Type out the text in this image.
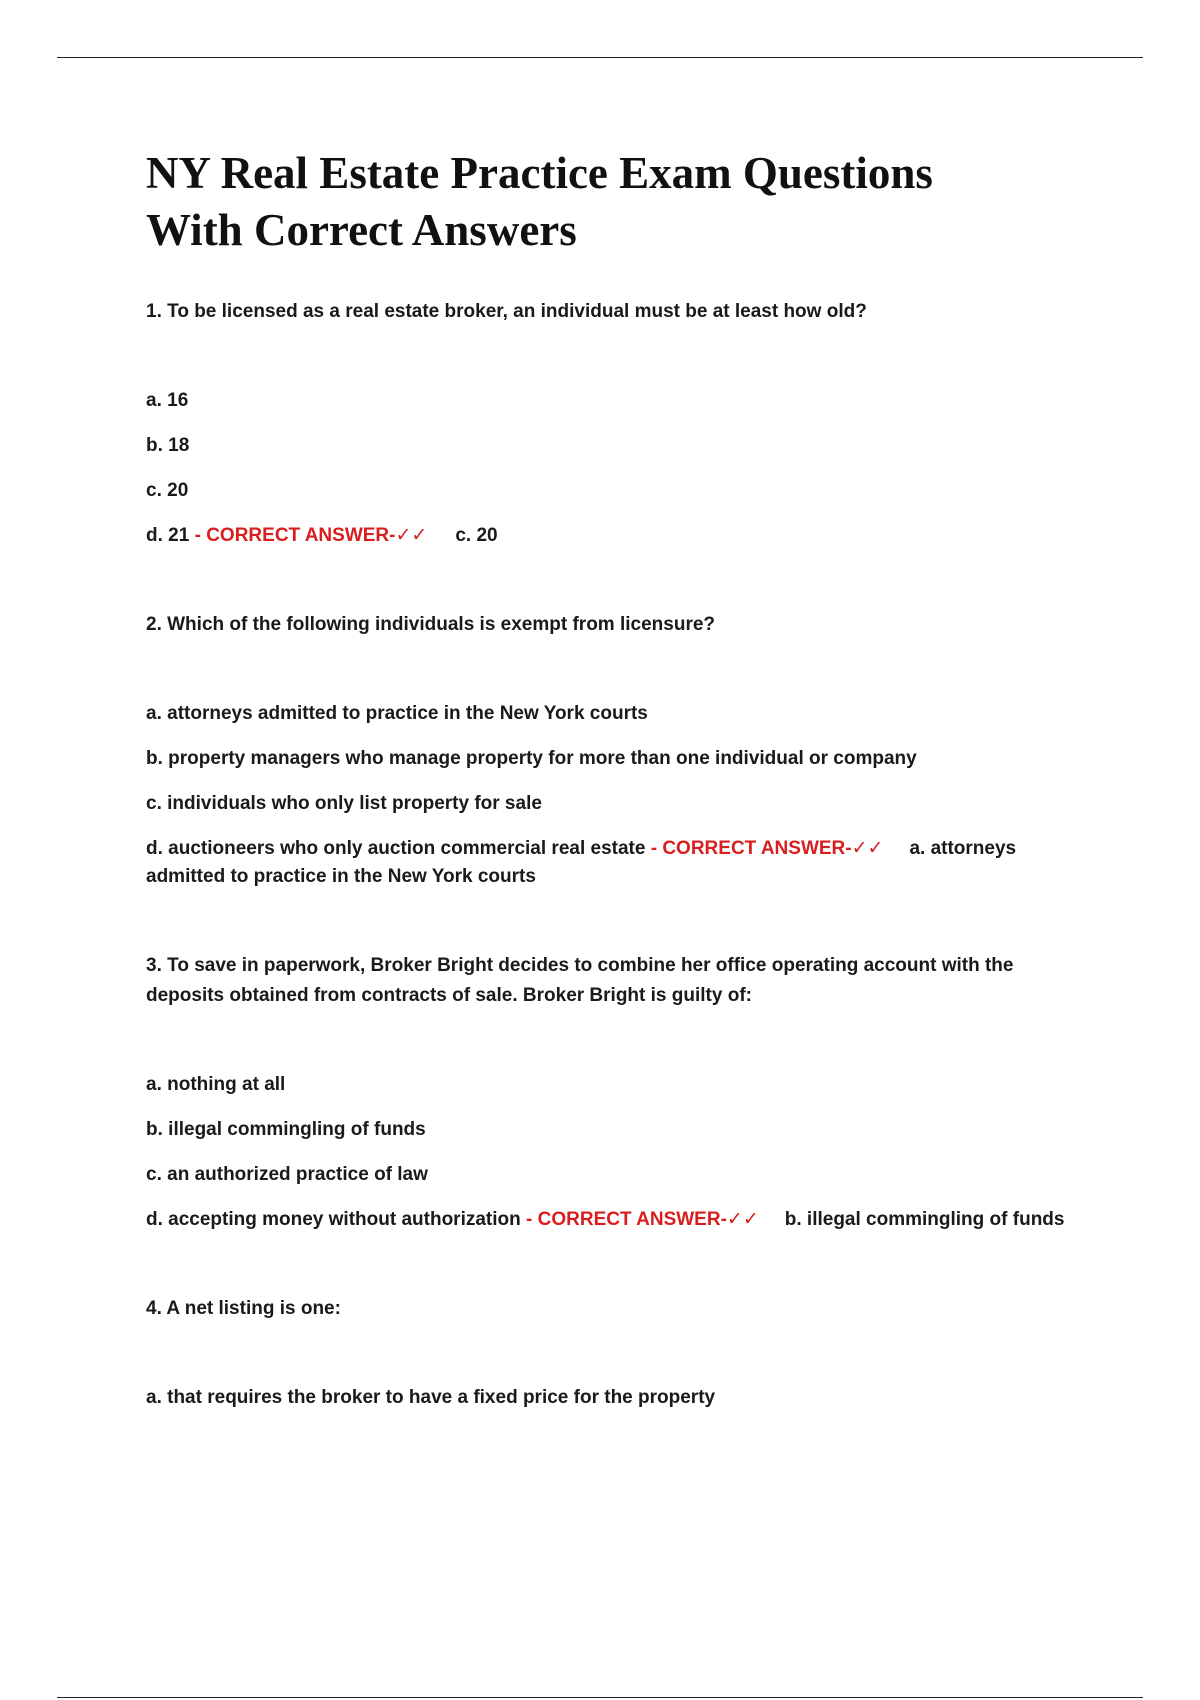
NY Real Estate Practice Exam Questions
With Correct Answers

1. To be licensed as a real estate broker, an individual must be at least how old?

a. 16

b. 18

c. 20

d. 21 - CORRECT ANSWER-✓✓ c. 20

2. Which of the following individuals is exempt from licensure?

a. attorneys admitted to practice in the New York courts

b. property managers who manage property for more than one individual or company

c. individuals who only list property for sale

d. auctioneers who only auction commercial real estate - CORRECT ANSWER-✓✓ a. attorneys admitted to practice in the New York courts

3. To save in paperwork, Broker Bright decides to combine her office operating account with the deposits obtained from contracts of sale. Broker Bright is guilty of:

a. nothing at all

b. illegal commingling of funds

c. an authorized practice of law

d. accepting money without authorization - CORRECT ANSWER-✓✓ b. illegal commingling of funds

4. A net listing is one:

a. that requires the broker to have a fixed price for the property
